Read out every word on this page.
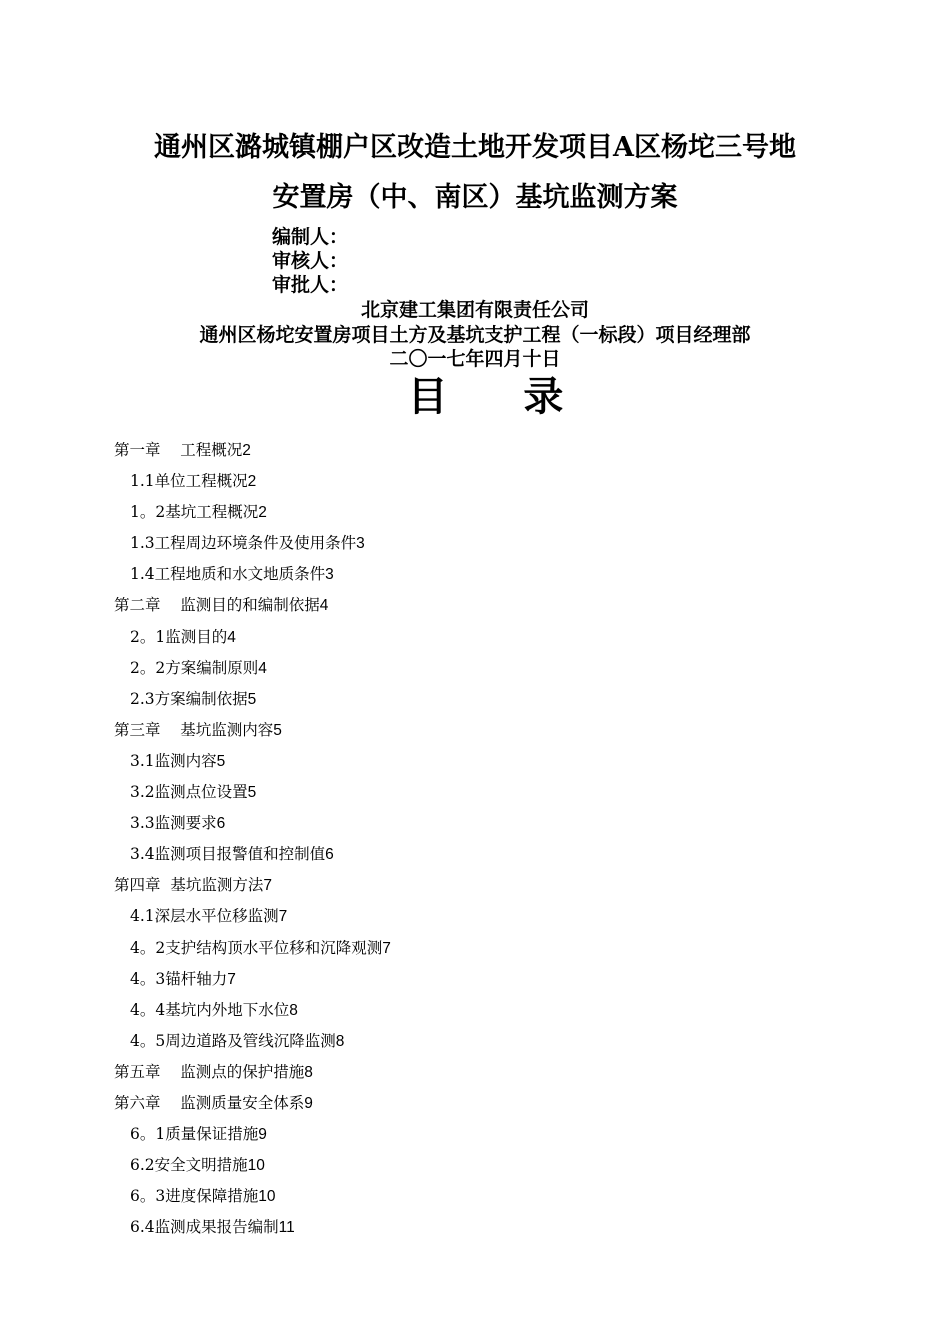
通州区潞城镇棚户区改造土地开发项目A区杨坨三号地
安置房（中、南区）基坑监测方案
编制人：
审核人：
审批人：
北京建工集团有限责任公司
通州区杨坨安置房项目土方及基坑支护工程（一标段）项目经理部
二〇一七年四月十日
目    录
第一章    工程概况2
1.1单位工程概况2
1。2基坑工程概况2
1.3工程周边环境条件及使用条件3
1.4工程地质和水文地质条件3
第二章    监测目的和编制依据4
2。1监测目的4
2。2方案编制原则4
2.3方案编制依据5
第三章    基坑监测内容5
3.1监测内容5
3.2监测点位设置5
3.3监测要求6
3.4监测项目报警值和控制值6
第四章  基坑监测方法7
4.1深层水平位移监测7
4。2支护结构顶水平位移和沉降观测7
4。3锚杆轴力7
4。4基坑内外地下水位8
4。5周边道路及管线沉降监测8
第五章    监测点的保护措施8
第六章    监测质量安全体系9
6。1质量保证措施9
6.2安全文明措施10
6。3进度保障措施10
6.4监测成果报告编制11
